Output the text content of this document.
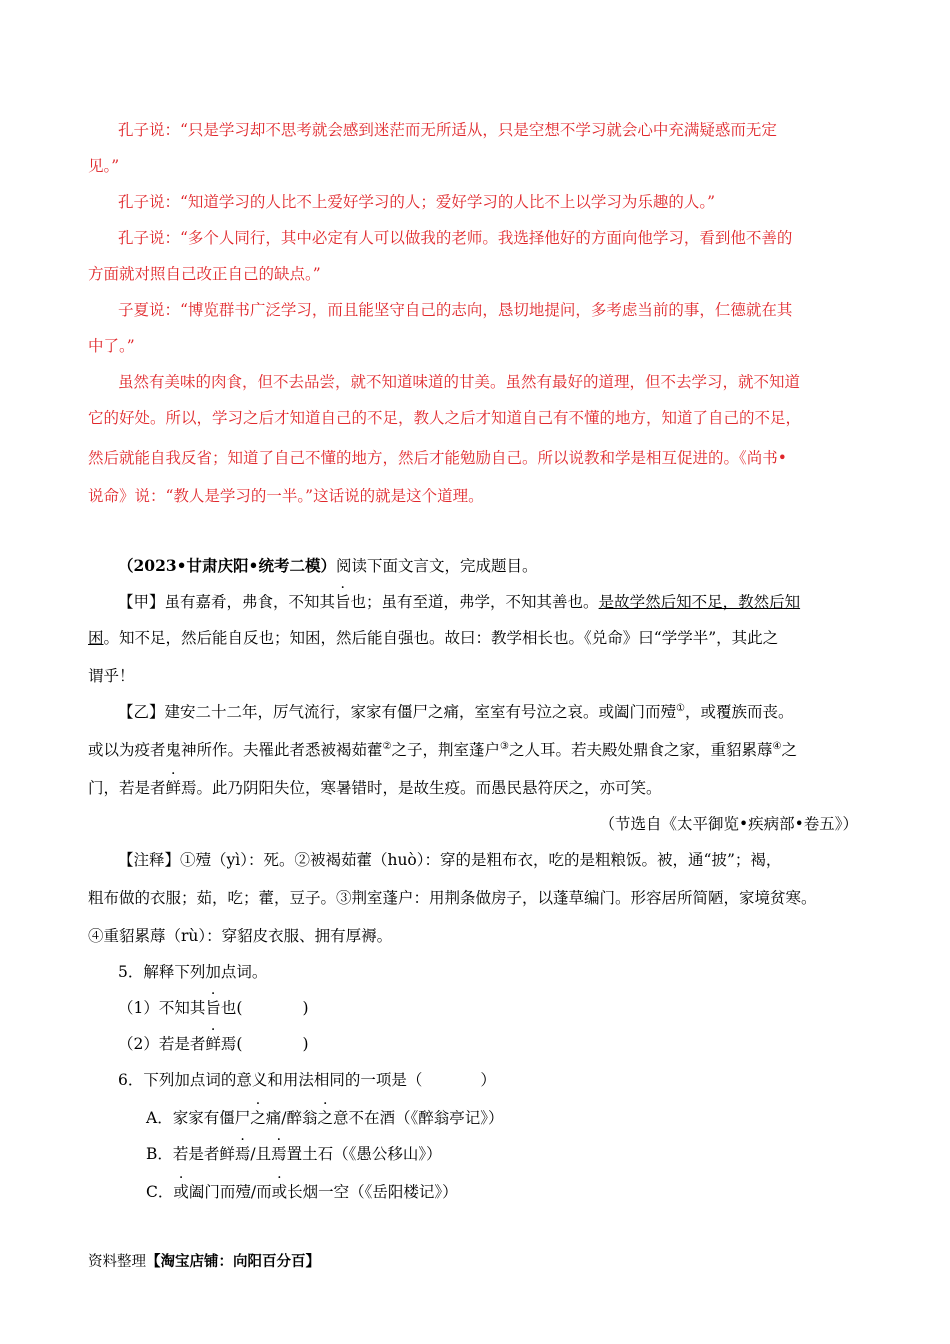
孔子说：“只是学习却不思考就会感到迷茫而无所适从，只是空想不学习就会心中充满疑惑而无定
见。”
孔子说：“知道学习的人比不上爱好学习的人；爱好学习的人比不上以学习为乐趣的人。”
孔子说：“多个人同行，其中必定有人可以做我的老师。我选择他好的方面向他学习，看到他不善的
方面就对照自己改正自己的缺点。”
子夏说：“博览群书广泛学习，而且能坚守自己的志向，恳切地提问，多考虑当前的事，仁德就在其
中了。”
虽然有美味的肉食，但不去品尝，就不知道味道的甘美。虽然有最好的道理，但不去学习，就不知道
它的好处。所以，学习之后才知道自己的不足，教人之后才知道自己有不懂的地方，知道了自己的不足，
然后就能自我反省；知道了自己不懂的地方，然后才能勉励自己。所以说教和学是相互促进的。《尚书•
说命》说：“教人是学习的一半。”这话说的就是这个道理。
（2023•甘肃庆阳•统考二模）阅读下面文言文，完成题目。
【甲】虽有嘉肴，弗食，不知其旨也；虽有至道，弗学，不知其善也。是故学然后知不足，教然后知
困。知不足，然后能自反也；知困，然后能自强也。故曰：教学相长也。《兑命》曰“学学半”，其此之
谓乎！
【乙】建安二十二年，厉气流行，家家有僵尸之痛，室室有号泣之哀。或阖门而殪①，或覆族而丧。
或以为疫者鬼神所作。夫罹此者悉被褐茹藿②之子，荆室蓬户③之人耳。若夫殿处鼎食之家，重貂累蓐④之
门，若是者鲜焉。此乃阴阳失位，寒暑错时，是故生疫。而愚民悬符厌之，亦可笑。
（节选自《太平御览•疾病部•卷五》）
【注释】①殪（yì）：死。②被褐茹藿（huò）：穿的是粗布衣，吃的是粗粮饭。被，通“披”；褐，
粗布做的衣服；茹，吃；藿，豆子。③荆室蓬户：用荆条做房子，以蓬草编门。形容居所简陋，家境贫寒。
④重貂累蓐（rù）：穿貂皮衣服、拥有厚褥。
5．解释下列加点词。
（1）不知其旨也(	)
（2）若是者鲜焉(	)
6．下列加点词的意义和用法相同的一项是（	）
A．家家有僵尸之痛/醉翁之意不在酒（《醉翁亭记》）
B．若是者鲜焉/且焉置土石（《愚公移山》）
C．或阖门而殪/而或长烟一空（《岳阳楼记》）
资料整理【淘宝店铺：向阳百分百】
